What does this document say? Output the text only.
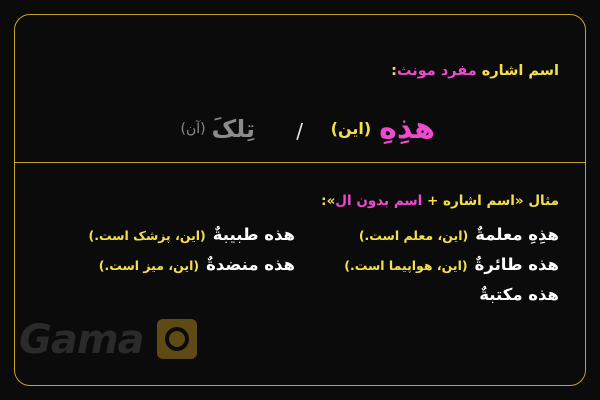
اسم اشاره مفرد مونث:
تِلکَ(آن)	/	هذِهِ(این)
مثال «اسم اشاره + اسم بدون ال»:
هذِهِ معلمةٌ(این، معلم است.)
هذه طائرةٌ(این، هواپیما است.)
هذه مكتبةٌ
هذه طبيبةٌ(این، پزشک است.)
هذه منضدةٌ(این، میز است.)
Gama
